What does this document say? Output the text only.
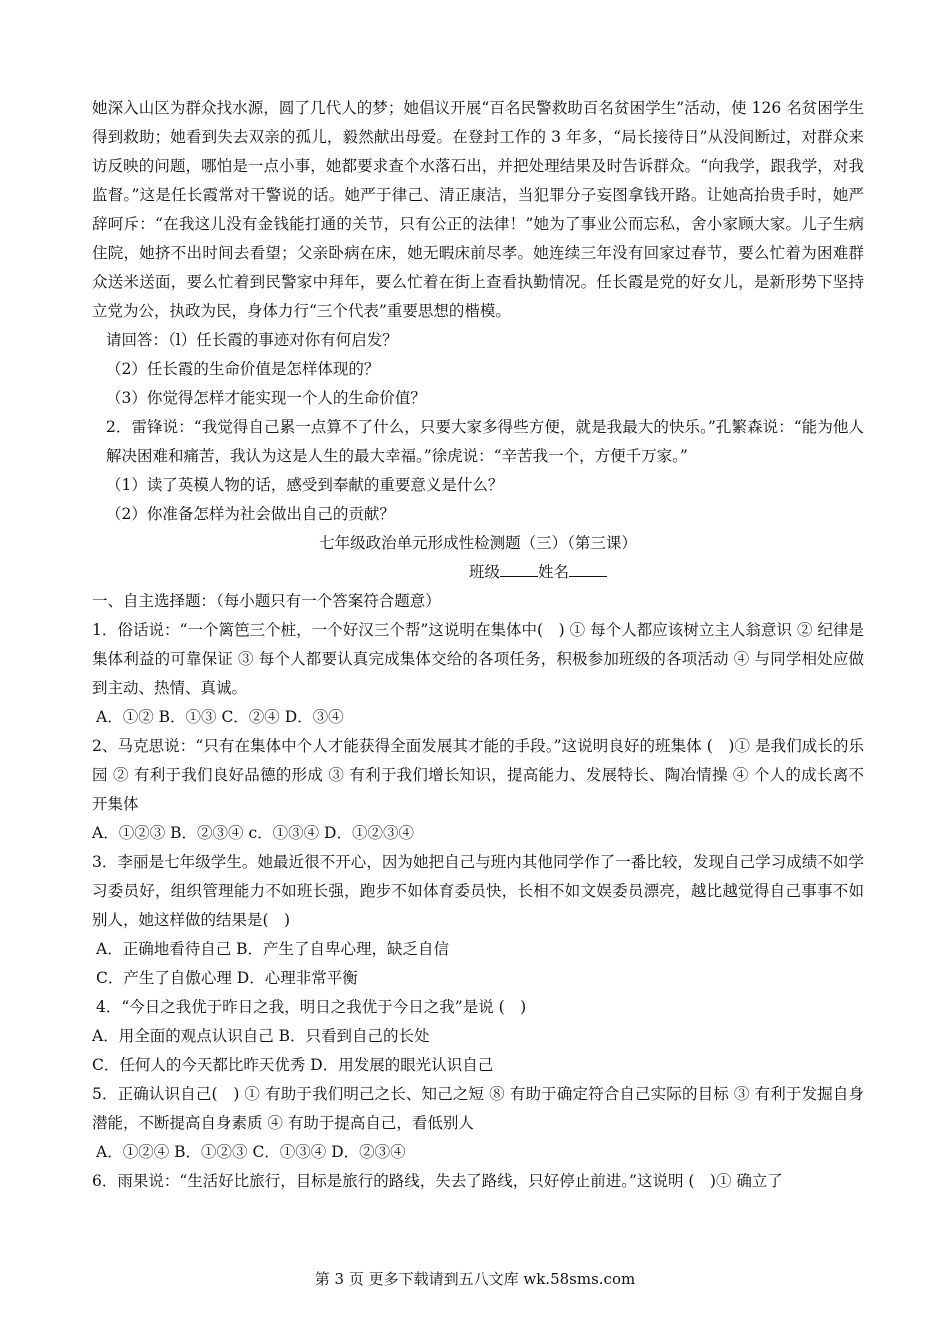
她深入山区为群众找水源，圆了几代人的梦；她倡议开展“百名民警救助百名贫困学生”活动，使 126 名贫困学生得到救助；她看到失去双亲的孤儿，毅然献出母爱。在登封工作的 3 年多，“局长接待日”从没间断过，对群众来访反映的问题，哪怕是一点小事，她都要求查个水落石出，并把处理结果及时告诉群众。“向我学，跟我学，对我监督。”这是任长霞常对干警说的话。她严于律己、清正康洁，当犯罪分子妄图拿钱开路。让她高抬贵手时，她严辞呵斥：“在我这儿没有金钱能打通的关节，只有公正的法律！”她为了事业公而忘私，舍小家顾大家。儿子生病住院，她挤不出时间去看望；父亲卧病在床，她无暇床前尽孝。她连续三年没有回家过春节，要么忙着为困难群众送米送面，要么忙着到民警家中拜年，要么忙着在街上查看执勤情况。任长霞是党的好女儿，是新形势下坚持立党为公，执政为民，身体力行“三个代表”重要思想的楷模。

请回答：（l）任长霞的事迹对你有何启发？

（2）任长霞的生命价值是怎样体现的？

（3）你觉得怎样才能实现一个人的生命价值？

2．雷锋说：“我觉得自己累一点算不了什么，只要大家多得些方便，就是我最大的快乐。”孔繁森说：“能为他人解决困难和痛苦，我认为这是人生的最大幸福。”徐虎说：“辛苦我一个，方便千万家。”

（1）读了英模人物的话，感受到奉献的重要意义是什么？

（2）你准备怎样为社会做出自己的贡献？

七年级政治单元形成性检测题（三）（第三课）

班级 姓名

一、自主选择题：（每小题只有一个答案符合题意）

1．俗话说：“一个篱笆三个桩，一个好汉三个帮”这说明在集体中(　) ① 每个人都应该树立主人翁意识 ② 纪律是集体利益的可靠保证 ③ 每个人都要认真完成集体交给的各项任务，积极参加班级的各项活动 ④ 与同学相处应做到主动、热情、真诚。

A．①② B．①③ C．②④ D．③④

2、马克思说：“只有在集体中个人才能获得全面发展其才能的手段。”这说明良好的班集体 (　)① 是我们成长的乐园 ② 有利于我们良好品德的形成 ③ 有利于我们增长知识，提高能力、发展特长、陶冶情操 ④ 个人的成长离不开集体

A．①②③ B．②③④ c．①③④ D．①②③④

3．李丽是七年级学生。她最近很不开心，因为她把自己与班内其他同学作了一番比较，发现自己学习成绩不如学习委员好，组织管理能力不如班长强，跑步不如体育委员快，长相不如文娱委员漂亮，越比越觉得自己事事不如别人，她这样做的结果是(　)

A．正确地看待自己 B．产生了自卑心理，缺乏自信

C．产生了自傲心理 D．心理非常平衡

4．“今日之我优于昨日之我，明日之我优于今日之我”是说 (　)

A．用全面的观点认识自己 B．只看到自己的长处

C．任何人的今天都比昨天优秀 D．用发展的眼光认识自己

5．正确认识自己(　) ① 有助于我们明己之长、知己之短 ⑧ 有助于确定符合自己实际的目标 ③ 有利于发掘自身潜能，不断提高自身素质 ④ 有助于提高自己，看低别人

A．①②④ B．①②③ C．①③④ D．②③④

6．雨果说：“生活好比旅行，目标是旅行的路线，失去了路线，只好停止前进。”这说明 (　)① 确立了

第 3 页 更多下载请到五八文库 wk.58sms.com
